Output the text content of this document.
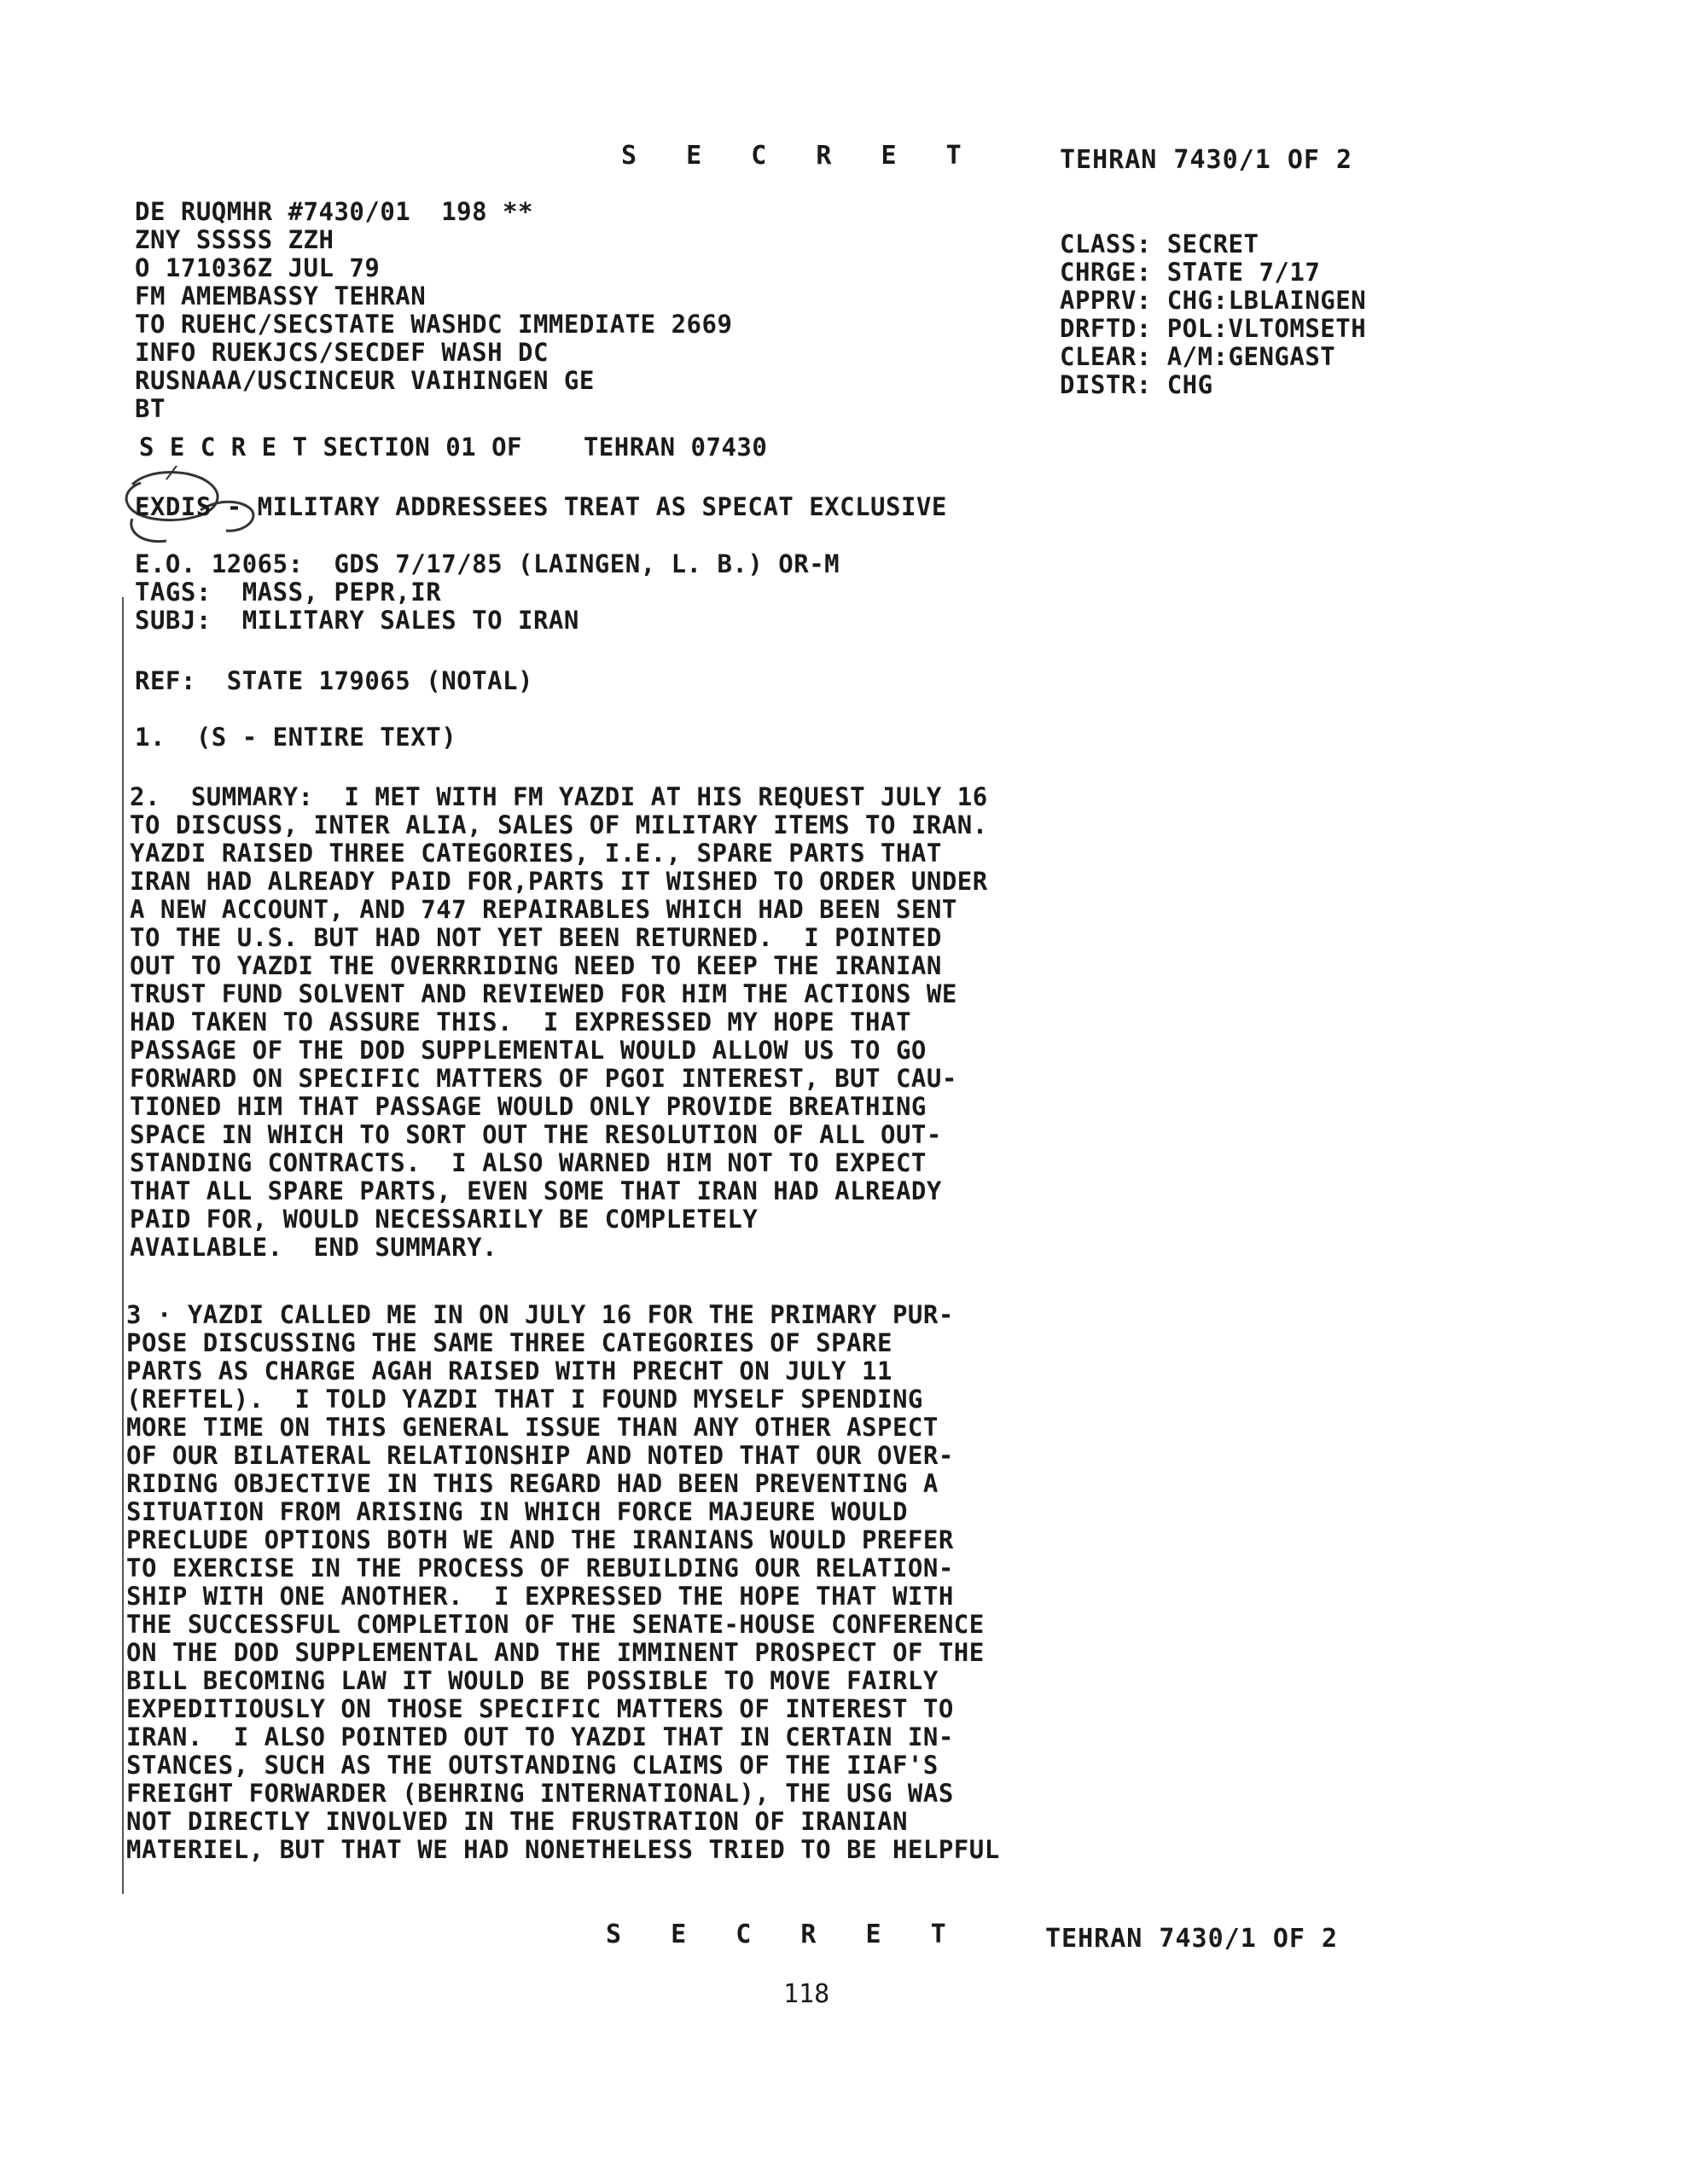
S E C R E T	TEHRAN 7430/1 OF 2
DE RUQMHR #7430/01  198 **
ZNY SSSSS ZZH
O 171036Z JUL 79
FM AMEMBASSY TEHRAN
TO RUEHC/SECSTATE WASHDC IMMEDIATE 2669
INFO RUEKJCS/SECDEF WASH DC
RUSNAAA/USCINCEUR VAIHINGEN GE
BT
CLASS: SECRET
CHRGE: STATE 7/17
APPRV: CHG:LBLAINGEN
DRFTD: POL:VLTOMSETH
CLEAR: A/M:GENGAST
DISTR: CHG
S E C R E T SECTION 01 OF    TEHRAN 07430
EXDIS - MILITARY ADDRESSEES TREAT AS SPECAT EXCLUSIVE
E.O. 12065:  GDS 7/17/85 (LAINGEN, L. B.) OR-M
TAGS:  MASS, PEPR,IR
SUBJ:  MILITARY SALES TO IRAN
REF:  STATE 179065 (NOTAL)
1.  (S - ENTIRE TEXT)
2.  SUMMARY:  I MET WITH FM YAZDI AT HIS REQUEST JULY 16
TO DISCUSS, INTER ALIA, SALES OF MILITARY ITEMS TO IRAN.
YAZDI RAISED THREE CATEGORIES, I.E., SPARE PARTS THAT
IRAN HAD ALREADY PAID FOR,PARTS IT WISHED TO ORDER UNDER
A NEW ACCOUNT, AND 747 REPAIRABLES WHICH HAD BEEN SENT
TO THE U.S. BUT HAD NOT YET BEEN RETURNED.  I POINTED
OUT TO YAZDI THE OVERRRIDING NEED TO KEEP THE IRANIAN
TRUST FUND SOLVENT AND REVIEWED FOR HIM THE ACTIONS WE
HAD TAKEN TO ASSURE THIS.  I EXPRESSED MY HOPE THAT
PASSAGE OF THE DOD SUPPLEMENTAL WOULD ALLOW US TO GO
FORWARD ON SPECIFIC MATTERS OF PGOI INTEREST, BUT CAU-
TIONED HIM THAT PASSAGE WOULD ONLY PROVIDE BREATHING
SPACE IN WHICH TO SORT OUT THE RESOLUTION OF ALL OUT-
STANDING CONTRACTS.  I ALSO WARNED HIM NOT TO EXPECT
THAT ALL SPARE PARTS, EVEN SOME THAT IRAN HAD ALREADY
PAID FOR, WOULD NECESSARILY BE COMPLETELY
AVAILABLE.  END SUMMARY.
3 · YAZDI CALLED ME IN ON JULY 16 FOR THE PRIMARY PUR-
POSE DISCUSSING THE SAME THREE CATEGORIES OF SPARE
PARTS AS CHARGE AGAH RAISED WITH PRECHT ON JULY 11
(REFTEL).  I TOLD YAZDI THAT I FOUND MYSELF SPENDING
MORE TIME ON THIS GENERAL ISSUE THAN ANY OTHER ASPECT
OF OUR BILATERAL RELATIONSHIP AND NOTED THAT OUR OVER-
RIDING OBJECTIVE IN THIS REGARD HAD BEEN PREVENTING A
SITUATION FROM ARISING IN WHICH FORCE MAJEURE WOULD
PRECLUDE OPTIONS BOTH WE AND THE IRANIANS WOULD PREFER
TO EXERCISE IN THE PROCESS OF REBUILDING OUR RELATION-
SHIP WITH ONE ANOTHER.  I EXPRESSED THE HOPE THAT WITH
THE SUCCESSFUL COMPLETION OF THE SENATE-HOUSE CONFERENCE
ON THE DOD SUPPLEMENTAL AND THE IMMINENT PROSPECT OF THE
BILL BECOMING LAW IT WOULD BE POSSIBLE TO MOVE FAIRLY
EXPEDITIOUSLY ON THOSE SPECIFIC MATTERS OF INTEREST TO
IRAN.  I ALSO POINTED OUT TO YAZDI THAT IN CERTAIN IN-
STANCES, SUCH AS THE OUTSTANDING CLAIMS OF THE IIAF'S
FREIGHT FORWARDER (BEHRING INTERNATIONAL), THE USG WAS
NOT DIRECTLY INVOLVED IN THE FRUSTRATION OF IRANIAN
MATERIEL, BUT THAT WE HAD NONETHELESS TRIED TO BE HELPFUL
S E C R E T	TEHRAN 7430/1 OF 2
118
